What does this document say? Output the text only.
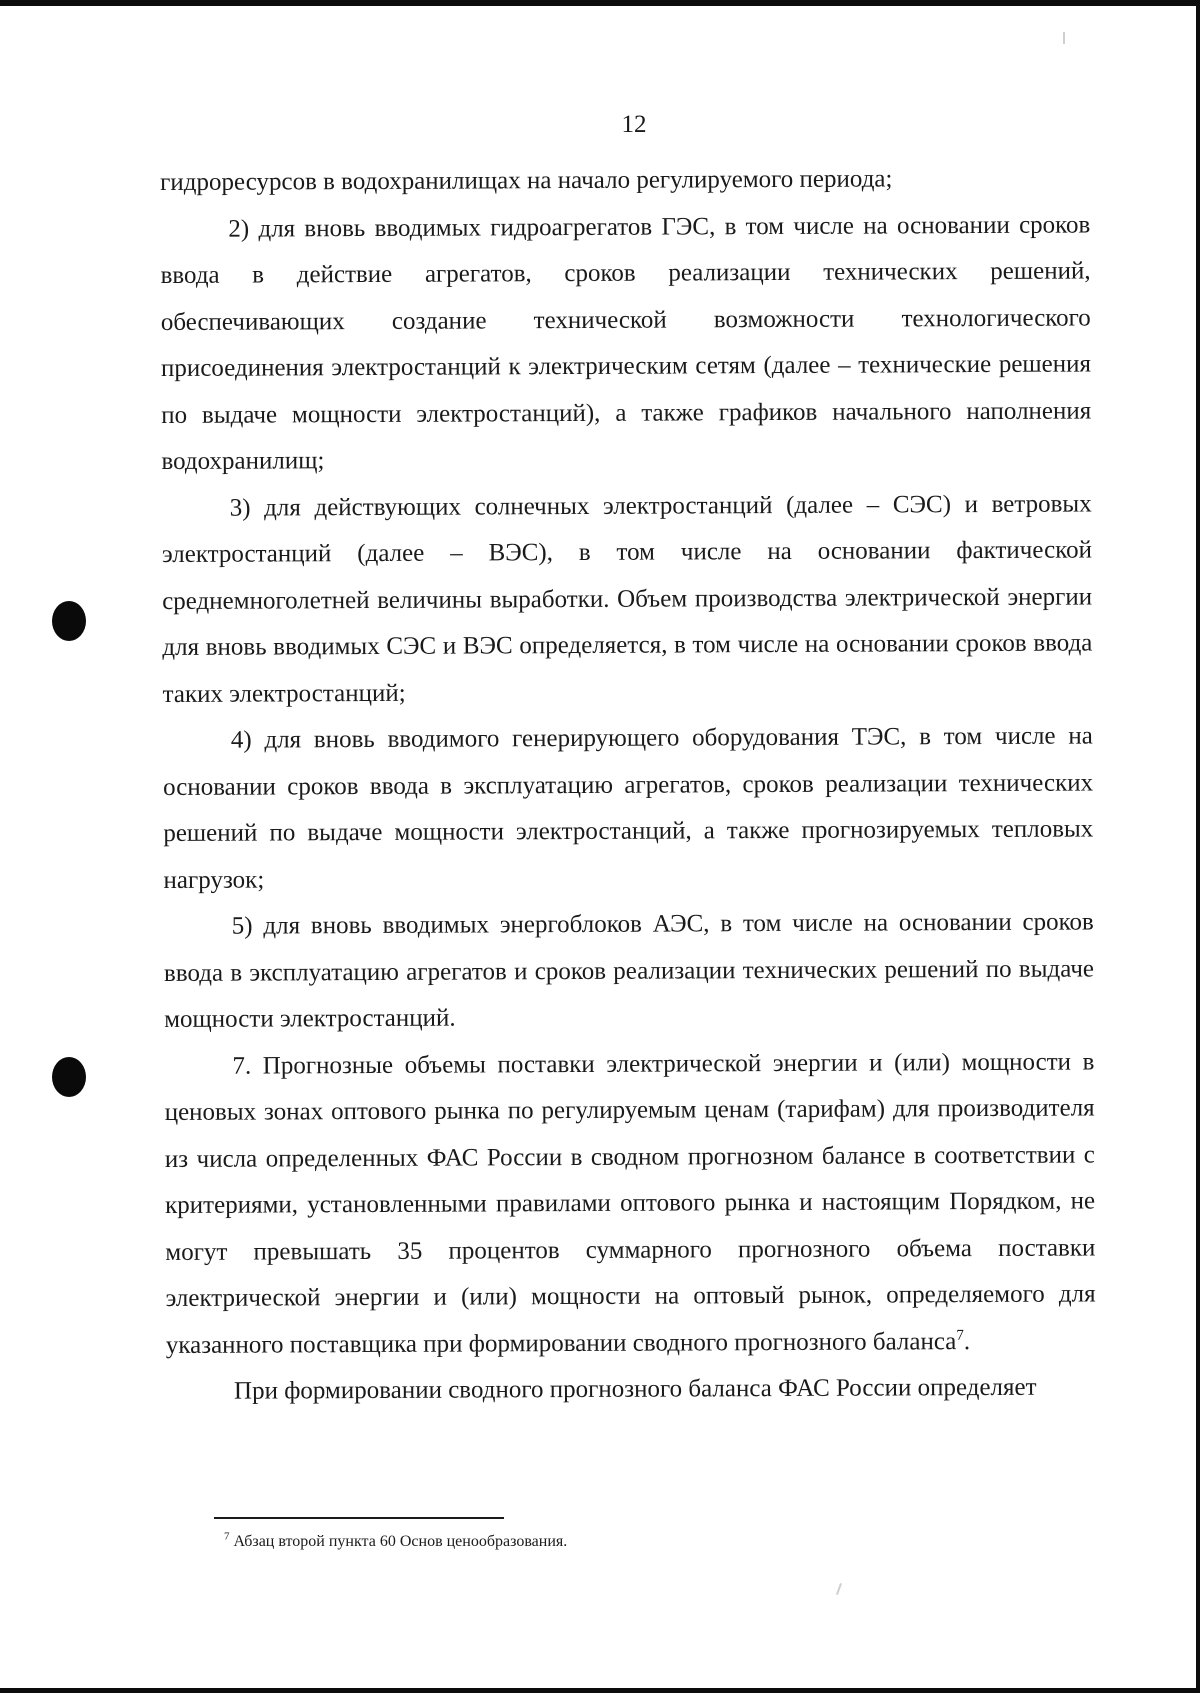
12

гидроресурсов в водохранилищах на начало регулируемого периода;

2) для вновь вводимых гидроагрегатов ГЭС, в том числе на основании сроков ввода в действие агрегатов, сроков реализации технических решений, обеспечивающих создание технической возможности технологического присоединения электростанций к электрическим сетям (далее – технические решения по выдаче мощности электростанций), а также графиков начального наполнения водохранилищ;

3) для действующих солнечных электростанций (далее – СЭС) и ветровых электростанций (далее – ВЭС), в том числе на основании фактической среднемноголетней величины выработки. Объем производства электрической энергии для вновь вводимых СЭС и ВЭС определяется, в том числе на основании сроков ввода таких электростанций;

4) для вновь вводимого генерирующего оборудования ТЭС, в том числе на основании сроков ввода в эксплуатацию агрегатов, сроков реализации технических решений по выдаче мощности электростанций, а также прогнозируемых тепловых нагрузок;

5) для вновь вводимых энергоблоков АЭС, в том числе на основании сроков ввода в эксплуатацию агрегатов и сроков реализации технических решений по выдаче мощности электростанций.

7. Прогнозные объемы поставки электрической энергии и (или) мощности в ценовых зонах оптового рынка по регулируемым ценам (тарифам) для производителя из числа определенных ФАС России в сводном прогнозном балансе в соответствии с критериями, установленными правилами оптового рынка и настоящим Порядком, не могут превышать 35 процентов суммарного прогнозного объема поставки электрической энергии и (или) мощности на оптовый рынок, определяемого для указанного поставщика при формировании сводного прогнозного баланса$^7$.

При формировании сводного прогнозного баланса ФАС России определяет

$^7$ Абзац второй пункта 60 Основ ценообразования.
